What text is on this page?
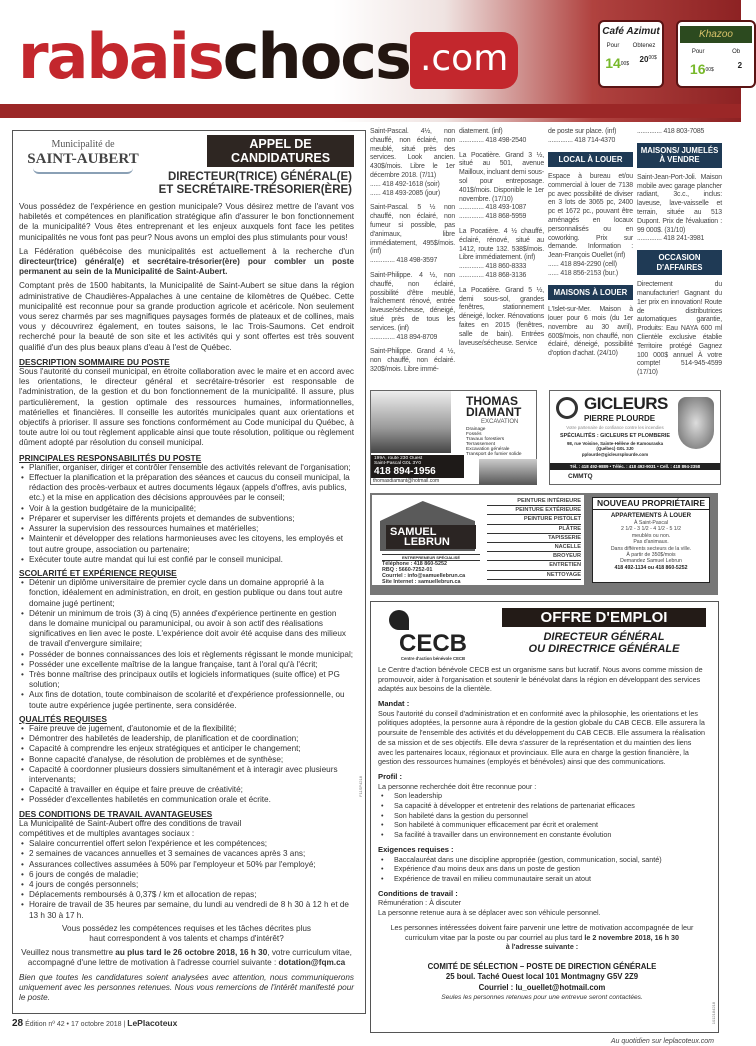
rabaischocs .com
Café Azimut
Pour Obtenez
$14^{00\$}$ $20^{00\$}$
Khazoo
Pour	Ob
$16^{00\$}$	2
Municipalité de
SAINT-AUBERT
APPEL DE CANDIDATURES
DIRECTEUR(TRICE) GÉNÉRAL(E)
ET SECRÉTAIRE-TRÉSORIER(ÈRE)

Vous possédez de l'expérience en gestion municipale? Vous désirez mettre de l'avant vos habiletés et compétences en planification stratégique afin d'assurer le bon fonctionnement de la municipalité? Vous êtes entreprenant et les enjeux auxquels font face les petites municipalités ne vous font pas peur? Nous avons un emploi des plus stimulants pour vous!

La Fédération québécoise des municipalités est actuellement à la recherche d'un directeur(trice) général(e) et secrétaire-trésorier(ère) pour combler un poste permanent au sein de la Municipalité de Saint-Aubert.

Comptant près de 1500 habitants, la Municipalité de Saint-Aubert se situe dans la région administrative de Chaudières-Appalaches à une centaine de kilomètres de Québec. Cette municipalité est reconnue pour sa grande production agricole et acéricole. Non seulement vous serez charmés par ses magnifiques paysages formés de plateaux et de collines, mais vous y découvrirez également, en toutes saisons, le lac Trois-Saumons. Cet endroit recherché pour la beauté de son site et les activités qui y sont offertes est très souvent qualifié d'un des plus beaux plans d'eau à l'est de Québec.

DESCRIPTION SOMMAIRE DU POSTE

Sous l'autorité du conseil municipal, en étroite collaboration avec le maire et en accord avec les orientations, le directeur général et secrétaire-trésorier est responsable de l'administration, de la gestion et du bon fonctionnement de la municipalité. Il assure, plus particulièrement, la gestion optimale des ressources humaines, informationnelles, matérielles et financières. Il conseille les autorités municipales quant aux orientations et objectifs à prioriser. Il assure ses fonctions conformément au Code municipal du Québec, à toute autre loi ou tout règlement applicable ainsi que toute résolution, politique ou règlement dûment adopté par résolution du conseil municipal.

PRINCIPALES RESPONSABILITÉS DU POSTE
• Planifier, organiser, diriger et contrôler l'ensemble des activités relevant de l'organisation;
• Effectuer la planification et la préparation des séances et caucus du conseil municipal, la rédaction des procès-verbaux et autres documents légaux (appels d'offres, avis publics, etc.) et la mise en application des décisions approuvées par le conseil;
• Voir à la gestion budgétaire de la municipalité;
• Préparer et superviser les différents projets et demandes de subventions;
• Assurer la supervision des ressources humaines et matérielles;
• Maintenir et développer des relations harmonieuses avec les citoyens, les employés et tout autre groupe, association ou partenaire;
• Exécuter toute autre mandat qui lui est confié par le conseil municipal.
SCOLARITÉ ET EXPÉRIENCE REQUISE
• Détenir un diplôme universitaire de premier cycle dans un domaine approprié à la fonction, idéalement en administration, en droit, en gestion publique ou dans tout autre domaine jugé pertinent;
• Détenir un minimum de trois (3) à cinq (5) années d'expérience pertinente en gestion dans le domaine municipal ou paramunicipal, ou avoir à son actif des réalisations significatives en lien avec le poste. L'expérience doit avoir été acquise dans des milieux de travail d'envergure similaire;
• Posséder de bonnes connaissances des lois et règlements régissant le monde municipal;
• Posséder une excellente maîtrise de la langue française, tant à l'oral qu'à l'écrit;
• Très bonne maîtrise des principaux outils et logiciels informatiques (suite office) et PG solution;
• Aux fins de dotation, toute combinaison de scolarité et d'expérience professionnelle, ou toute autre expérience jugée pertinente, sera considérée.
QUALITÉS REQUISES
• Faire preuve de jugement, d'autonomie et de la flexibilité;
• Démontrer des habiletés de leadership, de planification et de coordination;
• Capacité à comprendre les enjeux stratégiques et anticiper le changement;
• Bonne capacité d'analyse, de résolution de problèmes et de synthèse;
• Capacité à coordonner plusieurs dossiers simultanément et à interagir avec plusieurs intervenants;
• Capacité à travailler en équipe et faire preuve de créativité;
• Posséder d'excellentes habiletés en communication orale et écrite.
DES CONDITIONS DE TRAVAIL AVANTAGEUSES

La Municipalité de Saint-Aubert offre des conditions de travail compétitives et de multiples avantages sociaux :

• Salaire concurrentiel offert selon l'expérience et les compétences;
• 2 semaines de vacances annuelles et 3 semaines de vacances après 3 ans;
• Assurances collectives assumées à 50% par l'employeur et 50% par l'employé;
• 6 jours de congés de maladie;
• 4 jours de congés personnels;
• Déplacements remboursés à 0,37$ / km et allocation de repas;
• Horaire de travail de 35 heures par semaine, du lundi au vendredi de 8 h 30 à 12 h et de 13 h 30 à 17 h.

Vous possédez les compétences requises et les tâches décrites plus haut correspondent à vos talents et champs d'intérêt?

Veuillez nous transmettre au plus tard le 26 octobre 2018, 16 h 30, votre curriculum vitae, accompagné d'une lettre de motivation à l'adresse courriel suivante : dotation@fqm.ca

Bien que toutes les candidatures soient analysées avec attention, nous communiquerons uniquement avec les personnes retenues. Nous vous remercions de l'intérêt manifesté pour le poste.

F11SP4218
28 Édition nº 42 • 17 octobre 2018 | LePlacoteux
Saint-Pascal. 4½, non chauffé, non éclairé, non meublé, situé près des services. Look ancien. 430$/mois. Libre le 1er décembre 2018. (7/11)
...... 418 492-1618 (soir)
...... 418 493-2085 (jour)
Saint-Pascal. 5 ½ non chauffé, non éclairé, non fumeur si possible, pas d'animaux, libre immédiatement, 495$/mois. (inf)
.............. 418 498-3597
Saint-Philippe. 4 ½, non chauffé, non éclairé, possibilité d'être meublé, fraîchement rénové, entrée laveuse/sécheuse, déneigé, situé près de tous les services. (inf)
.............. 418 894-8709
Saint-Philippe. Grand 4 ½, non chauffé, non éclairé. 320$/mois. Libre immé-
diatement. (inf)
.............. 418 498-2540
La Pocatière. Grand 3 ½, situé au 501, avenue Mailloux, incluant demi sous-sol pour entreposage. 401$/mois. Disponible le 1er novembre. (17/10)
.............. 418 493-1087
.............. 418 868-5959
La Pocatière. 4 ½ chauffé, éclairé, rénové, situé au 1412, route 132. 538$/mois. Libre immédiatement. (inf)
.............. 418 860-8333
.............. 418 868-3136
La Pocatière. Grand 5 ½, demi sous-sol, grandes fenêtres, stationnement déneigé, locker. Rénovations faites en 2015 (fenêtres, salle de bain). Entrées laveuse/sécheuse. Service
de poste sur place. (inf)
.............. 418 714-4370
LOCAL À LOUER
Espace à bureau et/ou commercial à louer de 7138 pc avec possibilité de diviser en 3 lots de 3065 pc, 2400 pc et 1672 pc., pouvant être aménagés en locaux personnalisés ou en coworking. Prix sur demande. Information : Jean-François Ouellet (inf)
...... 418 894-2290 (cell)
...... 418 856-2153 (bur.)
MAISONS À LOUER
L'Islet-sur-Mer. Maison à louer pour 6 mois (du 1er novembre au 30 avril), 600$/mois, non chauffé, non éclairé, déneigé, possibilité d'option d'achat. (24/10)
.............. 418 803-7085
MAISONS/ JUMELÉS À VENDRE
Saint-Jean-Port-Joli. Maison mobile avec garage plancher radiant, 3c.c., inclus: laveuse, lave-vaisselle et terrain, située au 513 Dupont. Prix de l'évaluation : 99 000$. (31/10)
.............. 418 241-3981
OCCASION D'AFFAIRES
Directement du manufacturier! Gagnant du 1er prix en innovation! Route de distributrices automatiques garantie, Produits: Eau NAYA 600 ml Clientèle exclusive établie Territoire protégé Gagnez 100 000$ annuel À votre compte! 514-945-4599 (17/10)
THOMAS
DIAMANT
EXCAVATION
Drainage
Fossés
Travaux forestiers
Terrassement
Excavation générale
Transport de fumier solide
199A, route 230 Ouest
Saint-Pascal G0L 3Y0
418 894-1956
thomasdiamant@hotmail.com
GICLEURS
PIERRE PLOURDE
Votre partenaire de confiance contre les incendies
SPÉCIALITÉS : GICLEURS ET PLOMBERIE
98, rue Voisine, Sainte-Hélène de Kamouraska
(Québec) G0L 3J0
pplourde@gicleursplourde.com
Tél. : 418 492-9889 • Téléc. : 418 492-9031 • Cell. : 418 894-2358
CMMTQ
SAMUEL
LEBRUN
ENTREPRENEUR SPÉCIALISÉ
Téléphone : 418 860-5252
RBQ : 5660-7252-01
Courriel : info@samuellebrun.ca
Site Internet : samuellebrun.ca
PEINTURE INTÉRIEURE
PEINTURE EXTÉRIEURE
PEINTURE PISTOLET
PLÂTRE
TAPISSERIE
NACELLE
BROYEUR
ENTRETIEN
NETTOYAGE
NOUVEAU PROPRIÉTAIRE
APPARTEMENTS À LOUER
À Saint-Pascal
2 1/2 - 3 1/2 - 4 1/2 - 5 1/2
meublés ou non.
Pas d'animaux.
Dans différents secteurs de la ville.
À partir de 350$/mois
Demandez Samuel Lebrun
418 492-1134 ou 418 860-5252
CECB
Centre d'action bénévole CECB
OFFRE D'EMPLOI
DIRECTEUR GÉNÉRAL
OU DIRECTRICE GÉNÉRALE

Le Centre d'action bénévole CECB est un organisme sans but lucratif. Nous avons comme mission de promouvoir, aider à l'organisation et soutenir le bénévolat dans la région en développant des services adaptés aux besoins de la clientèle.

Mandat :

Sous l'autorité du conseil d'administration et en conformité avec la philosophie, les orientations et les politiques adoptées, la personne aura à répondre de la gestion globale du CAB CECB. Elle assurera la poursuite de l'ensemble des activités et du développement du CAB CECB. Elle assumera la réalisation de sa mission et de ses objectifs. Elle devra s'assurer de la représentation et du maintien des liens avec les partenaires locaux, régionaux et provinciaux. Elle aura en charge la gestion financière, la gestion des ressources humaines (employés et bénévoles) ainsi que des communications.

Profil :
La personne recherchée doit être reconnue pour :
• Son leadership
• Sa capacité à développer et entretenir des relations de partenariat efficaces
• Son habileté dans la gestion du personnel
• Son habileté à communiquer efficacement par écrit et oralement
• Sa facilité à travailler dans un environnement en constante évolution
Exigences requises :
• Baccalauréat dans une discipline appropriée (gestion, communication, social, santé)
• Expérience d'au moins deux ans dans un poste de gestion
• Expérience de travail en milieu communautaire serait un atout
Conditions de travail :
Rémunération : À discuter

La personne retenue aura à se déplacer avec son véhicule personnel.

Les personnes intéressées doivent faire parvenir une lettre de motivation accompagnée de leur curriculum vitae par la poste ou par courriel au plus tard le 2 novembre 2018, 16 h 30
à l'adresse suivante :

COMITÉ DE SÉLECTION – POSTE DE DIRECTION GÉNÉRALE
25 boul. Taché Ouest local 101 Montmagny G5V 2Z9
Courriel : lu_ouellet@hotmail.com
Seules les personnes retenues pour une entrevue seront contactées.
1012184218
Au quotidien sur leplacoteux.com
